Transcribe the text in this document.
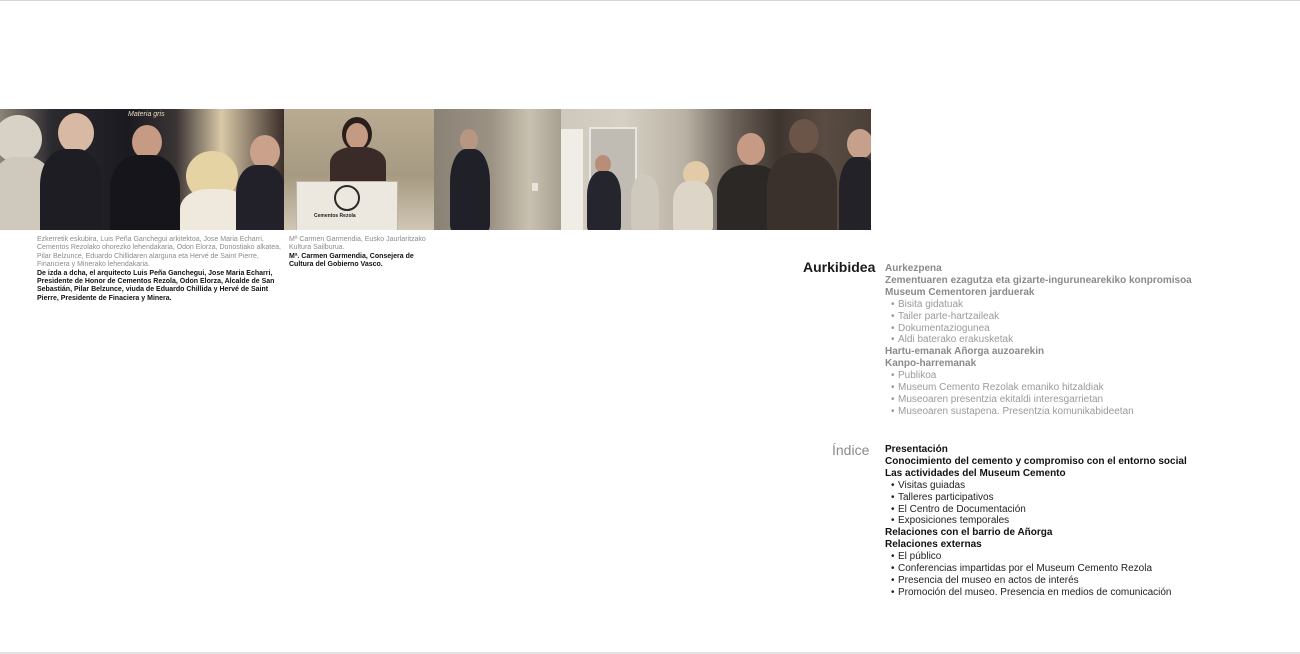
Materia gris
Cementos Rezola
Ezkerretik eskubira, Luis Peña Ganchegui arkitektoa, Jose Maria Echarri, Cementos Rezolako ohorezko lehendakaria, Odon Elorza, Donostiako alkatea, Pilar Belzunce, Eduardo Chillidaren alarguna eta Hervé de Saint Pierre, Financiera y Minerako lehendakaria.
De izda a dcha, el arquitecto Luis Peña Ganchegui, Jose Maria Echarri, Presidente de Honor de Cementos Rezola, Odon Elorza, Alcalde de San Sebastián, Pilar Belzunce, viuda de Eduardo Chillida y Hervé de Saint Pierre, Presidente de Finaciera y Minera.
Mª Carmen Garmendia, Eusko Jaurlaritzako Kultura Sailburua.
Mª. Carmen Garmendia, Consejera de Cultura del Gobierno Vasco.	Aurkibidea Aurkezpena
Zementuaren ezagutza eta gizarte-ingurunearekiko konpromisoa
Museum Cementoren jarduerak
• Bisita gidatuak
• Tailer parte-hartzaileak
• Dokumentaziogunea
• Aldi baterako erakusketak
Hartu-emanak Añorga auzoarekin
Kanpo-harremanak
• Publikoa
• Museum Cemento Rezolak emaniko hitzaldiak
• Museoaren presentzia ekitaldi interesgarrietan
• Museoaren sustapena. Presentzia komunikabideetan
Índice Presentación
Conocimiento del cemento y compromiso con el entorno social
Las actividades del Museum Cemento
• Visitas guiadas
• Talleres participativos
• El Centro de Documentación
• Exposiciones temporales
Relaciones con el barrio de Añorga
Relaciones externas
• El público
• Conferencias impartidas por el Museum Cemento Rezola
• Presencia del museo en actos de interés
• Promoción del museo. Presencia en medios de comunicación
